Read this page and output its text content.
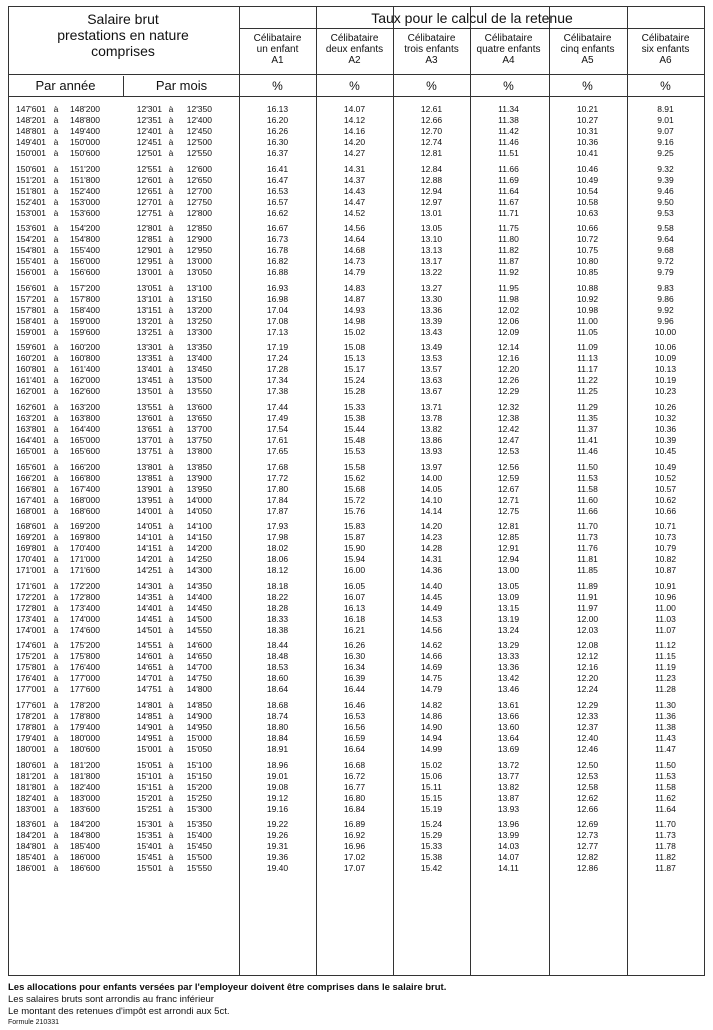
Salaire brut
prestations en nature
comprises
Taux pour le calcul de la retenue
Célibataire
un enfant
A1
Célibataire
deux enfants
A2
Célibataire
trois enfants
A3
Célibataire
quatre enfants
A4
Célibataire
cinq enfants
A5
Célibataire
six enfants
A6
Par année	Par mois	%	%	%	%	%	%
147'601 à	148'200	12'301 à	12'350	16.13	14.07	12.61	11.34	10.21	8.91
148'201 à	148'800	12'351 à	12'400	16.20	14.12	12.66	11.38	10.27	9.01
148'801 à	149'400	12'401 à	12'450	16.26	14.16	12.70	11.42	10.31	9.07
149'401 à	150'000	12'451 à	12'500	16.30	14.20	12.74	11.46	10.36	9.16
150'001 à	150'600	12'501 à	12'550	16.37	14.27	12.81	11.51	10.41	9.25
150'601 à	151'200	12'551 à	12'600	16.41	14.31	12.84	11.66	10.46	9.32
151'201 à	151'800	12'601 à	12'650	16.47	14.37	12.88	11.69	10.49	9.39
151'801 à	152'400	12'651 à	12'700	16.53	14.43	12.94	11.64	10.54	9.46
152'401 à	153'000	12'701 à	12'750	16.57	14.47	12.97	11.67	10.58	9.50
153'001 à	153'600	12'751 à	12'800	16.62	14.52	13.01	11.71	10.63	9.53
153'601 à	154'200	12'801 à	12'850	16.67	14.56	13.05	11.75	10.66	9.58
154'201 à	154'800	12'851 à	12'900	16.73	14.64	13.10	11.80	10.72	9.64
154'801 à	155'400	12'901 à	12'950	16.78	14.68	13.13	11.82	10.75	9.68
155'401 à	156'000	12'951 à	13'000	16.82	14.73	13.17	11.87	10.80	9.72
156'001 à	156'600	13'001 à	13'050	16.88	14.79	13.22	11.92	10.85	9.79
156'601 à	157'200	13'051 à	13'100	16.93	14.83	13.27	11.95	10.88	9.83
157'201 à	157'800	13'101 à	13'150	16.98	14.87	13.30	11.98	10.92	9.86
157'801 à	158'400	13'151 à	13'200	17.04	14.93	13.36	12.02	10.98	9.92
158'401 à	159'000	13'201 à	13'250	17.08	14.98	13.39	12.06	11.00	9.96
159'001 à	159'600	13'251 à	13'300	17.13	15.02	13.43	12.09	11.05	10.00
159'601 à	160'200	13'301 à	13'350	17.19	15.08	13.49	12.14	11.09	10.06
160'201 à	160'800	13'351 à	13'400	17.24	15.13	13.53	12.16	11.13	10.09
160'801 à	161'400	13'401 à	13'450	17.28	15.17	13.57	12.20	11.17	10.13
161'401 à	162'000	13'451 à	13'500	17.34	15.24	13.63	12.26	11.22	10.19
162'001 à	162'600	13'501 à	13'550	17.38	15.28	13.67	12.29	11.25	10.23
162'601 à	163'200	13'551 à	13'600	17.44	15.33	13.71	12.32	11.29	10.26
163'201 à	163'800	13'601 à	13'650	17.49	15.38	13.78	12.38	11.35	10.32
163'801 à	164'400	13'651 à	13'700	17.54	15.44	13.82	12.42	11.37	10.36
164'401 à	165'000	13'701 à	13'750	17.61	15.48	13.86	12.47	11.41	10.39
165'001 à	165'600	13'751 à	13'800	17.65	15.53	13.93	12.53	11.46	10.45
165'601 à	166'200	13'801 à	13'850	17.68	15.58	13.97	12.56	11.50	10.49
166'201 à	166'800	13'851 à	13'900	17.72	15.62	14.00	12.59	11.53	10.52
166'801 à	167'400	13'901 à	13'950	17.80	15.68	14.05	12.67	11.58	10.57
167'401 à	168'000	13'951 à	14'000	17.84	15.72	14.10	12.71	11.60	10.62
168'001 à	168'600	14'001 à	14'050	17.87	15.76	14.14	12.75	11.66	10.66
168'601 à	169'200	14'051 à	14'100	17.93	15.83	14.20	12.81	11.70	10.71
169'201 à	169'800	14'101 à	14'150	17.98	15.87	14.23	12.85	11.73	10.73
169'801 à	170'400	14'151 à	14'200	18.02	15.90	14.28	12.91	11.76	10.79
170'401 à	171'000	14'201 à	14'250	18.06	15.94	14.31	12.94	11.81	10.82
171'001 à	171'600	14'251 à	14'300	18.12	16.00	14.36	13.00	11.85	10.87
171'601 à	172'200	14'301 à	14'350	18.18	16.05	14.40	13.05	11.89	10.91
172'201 à	172'800	14'351 à	14'400	18.22	16.07	14.45	13.09	11.91	10.96
172'801 à	173'400	14'401 à	14'450	18.28	16.13	14.49	13.15	11.97	11.00
173'401 à	174'000	14'451 à	14'500	18.33	16.18	14.53	13.19	12.00	11.03
174'001 à	174'600	14'501 à	14'550	18.38	16.21	14.56	13.24	12.03	11.07
174'601 à	175'200	14'551 à	14'600	18.44	16.26	14.62	13.29	12.08	11.12
175'201 à	175'800	14'601 à	14'650	18.48	16.30	14.66	13.33	12.12	11.15
175'801 à	176'400	14'651 à	14'700	18.53	16.34	14.69	13.36	12.16	11.19
176'401 à	177'000	14'701 à	14'750	18.60	16.39	14.75	13.42	12.20	11.23
177'001 à	177'600	14'751 à	14'800	18.64	16.44	14.79	13.46	12.24	11.28
177'601 à	178'200	14'801 à	14'850	18.68	16.46	14.82	13.61	12.29	11.30
178'201 à	178'800	14'851 à	14'900	18.74	16.53	14.86	13.66	12.33	11.36
178'801 à	179'400	14'901 à	14'950	18.80	16.56	14.90	13.60	12.37	11.38
179'401 à	180'000	14'951 à	15'000	18.84	16.59	14.94	13.64	12.40	11.43
180'001 à	180'600	15'001 à	15'050	18.91	16.64	14.99	13.69	12.46	11.47
180'601 à	181'200	15'051 à	15'100	18.96	16.68	15.02	13.72	12.50	11.50
181'201 à	181'800	15'101 à	15'150	19.01	16.72	15.06	13.77	12.53	11.53
181'801 à	182'400	15'151 à	15'200	19.08	16.77	15.11	13.82	12.58	11.58
182'401 à	183'000	15'201 à	15'250	19.12	16.80	15.15	13.87	12.62	11.62
183'001 à	183'600	15'251 à	15'300	19.16	16.84	15.19	13.93	12.66	11.64
183'601 à	184'200	15'301 à	15'350	19.22	16.89	15.24	13.96	12.69	11.70
184'201 à	184'800	15'351 à	15'400	19.26	16.92	15.29	13.99	12.73	11.73
184'801 à	185'400	15'401 à	15'450	19.31	16.96	15.33	14.03	12.77	11.78
185'401 à	186'000	15'451 à	15'500	19.36	17.02	15.38	14.07	12.82	11.82
186'001 à	186'600	15'501 à	15'550	19.40	17.07	15.42	14.11	12.86	11.87
Les allocations pour enfants versées par l'employeur doivent être comprises dans le salaire brut.
Les salaires bruts sont arrondis au franc inférieur
Le montant des retenues d'impôt est arrondi aux 5ct.
Formule 210331
